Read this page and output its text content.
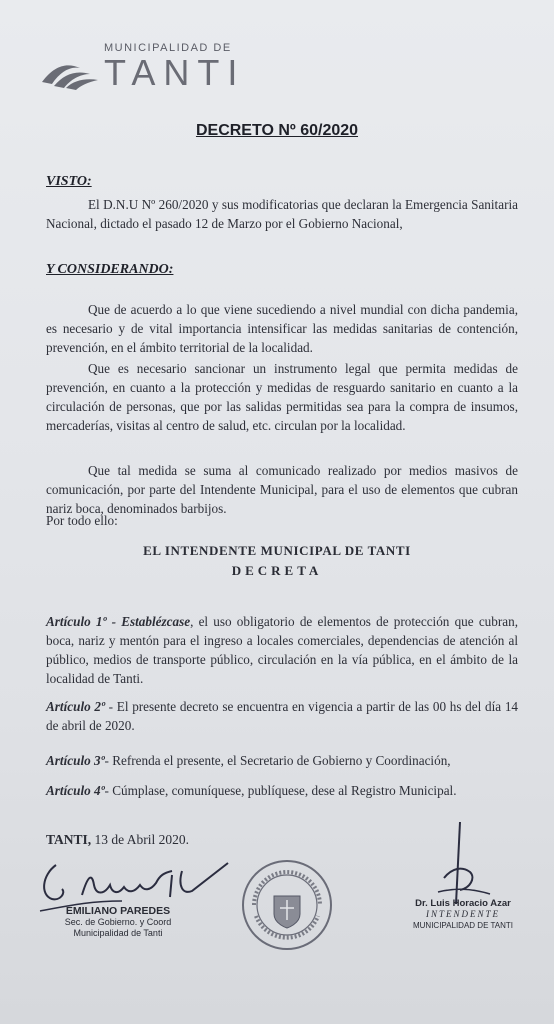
MUNICIPALIDAD DE
TANTI
DECRETO Nº 60/2020
VISTO:
El D.N.U Nº 260/2020 y sus modificatorias que declaran la Emergencia Sanitaria Nacional, dictado el pasado 12 de Marzo por el Gobierno Nacional,
Y CONSIDERANDO:
Que de acuerdo a lo que viene sucediendo a nivel mundial con dicha pandemia, es necesario y de vital importancia intensificar las medidas sanitarias de contención, prevención, en el ámbito territorial de la localidad.
Que es necesario sancionar un instrumento legal que permita medidas de prevención, en cuanto a la protección y medidas de resguardo sanitario en cuanto a la circulación de personas, que por las salidas permitidas sea para la compra de insumos, mercaderías, visitas al centro de salud, etc. circulan por la localidad.
Que tal medida se suma al comunicado realizado por medios masivos de comunicación, por parte del Intendente Municipal, para el uso de elementos que cubran nariz boca, denominados barbijos.
Por todo ello:
EL INTENDENTE MUNICIPAL DE TANTI
DECRETA
Artículo 1º - Establézcase, el uso obligatorio de elementos de protección que cubran, boca, nariz y mentón para el ingreso a locales comerciales, dependencias de atención al público, medios de transporte público, circulación en la vía pública, en el ámbito de la localidad de Tanti.
Artículo 2º - El presente decreto se encuentra en vigencia a partir de las 00 hs del día 14 de abril de 2020.
Artículo 3º- Refrenda el presente, el Secretario de Gobierno y Coordinación,
Artículo 4º- Cúmplase, comuníquese, publíquese, dese al Registro Municipal.
TANTI, 13 de Abril 2020.
EMILIANO PAREDES
Sec. de Gobierno. y Coord
Municipalidad de Tanti
Dr. Luis Horacio Azar
INTENDENTE
MUNICIPALIDAD DE TANTI
